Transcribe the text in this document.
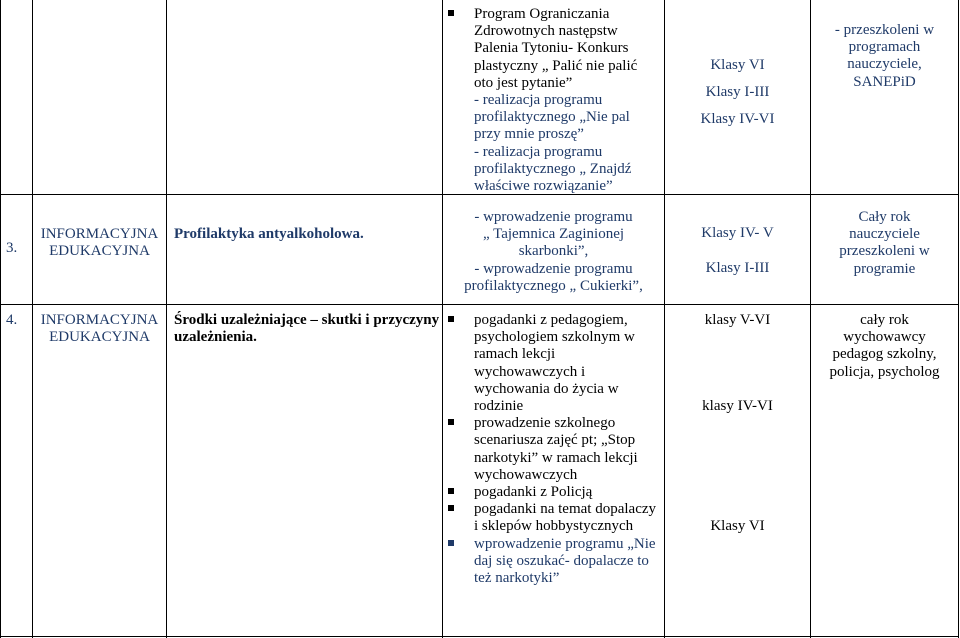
Program Ograniczania
Zdrowotnych następstw
Palenia Tytoniu- Konkurs
plastyczny „ Palić nie palić
oto jest pytanie”
- realizacja programu
profilaktycznego „Nie pal
przy mnie proszę”
- realizacja programu
profilaktycznego „ Znajdź
właściwe rozwiązanie”
Klasy VI
Klasy I-III
Klasy IV-VI
- przeszkoleni w
programach
nauczyciele,
SANEPiD
3.
INFORMACYJNA
EDUKACYJNA
Profilaktyka antyalkoholowa.
- wprowadzenie programu
„ Tajemnica Zaginionej
skarbonki”,
- wprowadzenie programu
profilaktycznego „ Cukierki”,
Klasy IV- V
Klasy I-III
Cały rok
nauczyciele
przeszkoleni w
programie
4.	INFORMACYJNA
EDUKACYJNA
Środki uzależniające – skutki i przyczyny
uzależnienia.
pogadanki z pedagogiem,
psychologiem szkolnym w
ramach lekcji
wychowawczych i
wychowania do życia w
rodzinie
prowadzenie szkolnego
scenariusza zajęć pt; „Stop
narkotyki” w ramach lekcji
wychowawczych
pogadanki z Policją
pogadanki na temat dopalaczy
i sklepów hobbystycznych
wprowadzenie programu „Nie
daj się oszukać- dopalacze to
też narkotyki”
klasy V-VI
klasy IV-VI
Klasy VI
cały rok
wychowawcy
pedagog szkolny,
policja, psycholog
